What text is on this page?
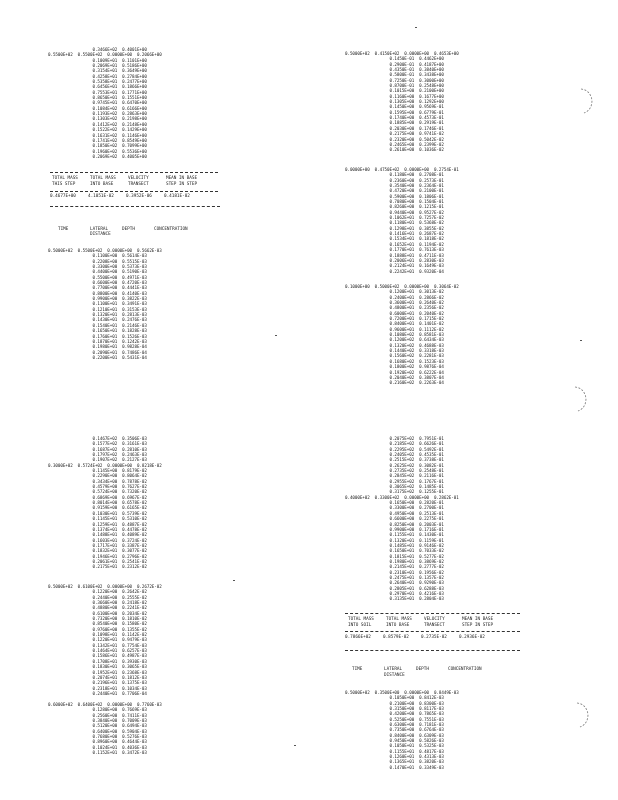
0.3466E+02  0.4001E+00
0.5500E+02  0.5500E+02  0.0000E+00  0.2066E+00
0.1009E+01  0.1101E+00
0.2069E+01  0.5186E+00
0.3154E+01  0.3649E+00
0.4258E+01  0.2784E+00
0.5358E+01  0.2477E+00
0.6456E+01  0.1866E+00
0.7553E+01  0.1771E+00
0.8650E+01  0.1551E+00
0.9745E+01  0.6470E+00
0.1084E+02  0.6166E+00
0.1193E+02  0.2863E+00
0.1303E+02  0.2198E+00
0.1412E+02  0.2148E+00
0.1522E+02  0.1429E+00
0.1631E+02  0.1146E+00
0.1741E+02  0.8549E+00
0.1850E+02  0.7099E+00
0.1960E+02  0.5536E+00
0.2069E+02  0.4005E+00
TOTAL MASS	TOTAL MASS	VELOCITY	MEAN IN BASE
THIS STEP	INTO BASE	TRANSECT	STEP IN STEP
0.4677E+00	4.1051E-02	0.3952E-06	0.4181E-02
TIME	LATERAL	DEPTH	CONCENTRATION
DISTANCE
0.5000E+02  0.5500E+02  0.0000E+00  0.5662E-03
0.1100E+00  0.5614E-03
0.2208E+00  0.5515E-03
0.3300E+00  0.5373E-03
0.4400E+00  0.5190E-03
0.5500E+00  0.4971E-03
0.6600E+00  0.4720E-03
0.7700E+00  0.4441E-03
0.8800E+00  0.4140E-03
0.9900E+00  0.3822E-03
0.1100E+01  0.3491E-03
0.1210E+01  0.3153E-03
0.1320E+01  0.2813E-03
0.1430E+01  0.2476E-03
0.1540E+01  0.2146E-03
0.1650E+01  0.1828E-03
0.1760E+01  0.1526E-03
0.1870E+01  0.1242E-03
0.1980E+01  0.9828E-04
0.2090E+01  0.7486E-04
0.2200E+01  0.5431E-04
0.5000E+02  0.4150E+02  0.0000E+00  0.4653E+00
0.1450E-01  0.4462E+00
0.2900E-01  0.4187E+00
0.4350E-01  0.3840E+00
0.5800E-01  0.3438E+00
0.7250E-01  0.3000E+00
0.8700E-01  0.2548E+00
0.1015E+00  0.2100E+00
0.1160E+00  0.1677E+00
0.1305E+00  0.1292E+00
0.1450E+00  0.9569E-01
0.1595E+00  0.6779E-01
0.1740E+00  0.4573E-01
0.1885E+00  0.2919E-01
0.2030E+00  0.1746E-01
0.2175E+00  0.9741E-02
0.2320E+00  0.5042E-02
0.2465E+00  0.2399E-02
0.2610E+00  0.1036E-02
0.0000E+00  0.4750E+02  0.0000E+00  0.2754E-01
0.1180E+00  0.2708E-01
0.2360E+00  0.2573E-01
0.3540E+00  0.2364E-01
0.4720E+00  0.2100E-01
0.5900E+00  0.1806E-01
0.7080E+00  0.1504E-01
0.8260E+00  0.1215E-01
0.9440E+00  0.9527E-02
0.1062E+01  0.7257E-02
0.1180E+01  0.5368E-02
0.1298E+01  0.3855E-02
0.1416E+01  0.2687E-02
0.1534E+01  0.1818E-02
0.1652E+01  0.1194E-02
0.1770E+01  0.7613E-03
0.1888E+01  0.4711E-03
0.2006E+01  0.2830E-03
0.2124E+01  0.1649E-03
0.2242E+01  0.9320E-04
0.1000E+00  0.5000E+02  0.0000E+00  0.3064E-02
0.1200E+01  0.3013E-02
0.2400E+01  0.2866E-02
0.3600E+01  0.2640E-02
0.4800E+01  0.2356E-02
0.6000E+01  0.2040E-02
0.7200E+01  0.1715E-02
0.8400E+01  0.1401E-02
0.9600E+01  0.1112E-02
0.1080E+02  0.8581E-03
0.1200E+02  0.6434E-03
0.1320E+02  0.4688E-03
0.1440E+02  0.3318E-03
0.1560E+02  0.2281E-03
0.1680E+02  0.1523E-03
0.1800E+02  0.9876E-04
0.1920E+02  0.6222E-04
0.2040E+02  0.3807E-04
0.2160E+02  0.2263E-04
0.1467E+02  0.3506E-03
0.1577E+02  0.3161E-03
0.1687E+02  0.2810E-03
0.1797E+02  0.2463E-03
0.1907E+02  0.2127E-03
0.3000E+02  0.5724E+02  0.0000E+00  0.8218E-02
0.1145E+00  0.8179E-02
0.2290E+00  0.8064E-02
0.3434E+00  0.7878E-02
0.4579E+00  0.7627E-02
0.5724E+00  0.7320E-02
0.6869E+00  0.6967E-02
0.8014E+00  0.6578E-02
0.9159E+00  0.6165E-02
0.1030E+01  0.5739E-02
0.1145E+01  0.5310E-02
0.1259E+01  0.4887E-02
0.1374E+01  0.4478E-02
0.1488E+01  0.4089E-02
0.1603E+01  0.3724E-02
0.1717E+01  0.3387E-02
0.1832E+01  0.3077E-02
0.1946E+01  0.2796E-02
0.2061E+01  0.2541E-02
0.2175E+01  0.2312E-02
0.5000E+02  0.6100E+02  0.0000E+00  0.2672E-02
0.1220E+00  0.2642E-02
0.2440E+00  0.2555E-02
0.3660E+00  0.2418E-02
0.4880E+00  0.2241E-02
0.6100E+00  0.2034E-02
0.7320E+00  0.1810E-02
0.8540E+00  0.1580E-02
0.9760E+00  0.1355E-02
0.1098E+01  0.1142E-02
0.1220E+01  0.9479E-03
0.1342E+01  0.7754E-03
0.1464E+01  0.6257E-03
0.1586E+01  0.4987E-03
0.1708E+01  0.3930E-03
0.1830E+01  0.3065E-03
0.1952E+01  0.2368E-03
0.2074E+01  0.1812E-03
0.2196E+01  0.1375E-03
0.2318E+01  0.1034E-03
0.2440E+01  0.7706E-04
0.6000E+02  0.6400E+02  0.0000E+00  0.7760E-03
0.1280E+00  0.7669E-03
0.2560E+00  0.7411E-03
0.3840E+00  0.7009E-03
0.5120E+00  0.6494E-03
0.6400E+00  0.5904E-03
0.7680E+00  0.5276E-03
0.8960E+00  0.4644E-03
0.1024E+01  0.4036E-03
0.1152E+01  0.3472E-03
0.2075E+02  0.7951E-01
0.2185E+02  0.6626E-01
0.2295E+02  0.5492E-01
0.2405E+02  0.4535E-01
0.2515E+02  0.3738E-01
0.2625E+02  0.3082E-01
0.2735E+02  0.2548E-01
0.2845E+02  0.2116E-01
0.2955E+02  0.1767E-01
0.3065E+02  0.1485E-01
0.3175E+02  0.1255E-01
0.4000E+02  0.3300E+02  0.0000E+00  0.2862E-01
0.1650E+00  0.2820E-01
0.3300E+00  0.2700E-01
0.4950E+00  0.2513E-01
0.6600E+00  0.2275E-01
0.8250E+00  0.2003E-01
0.9900E+00  0.1716E-01
0.1155E+01  0.1430E-01
0.1320E+01  0.1159E-01
0.1485E+01  0.9146E-02
0.1650E+01  0.7033E-02
0.1815E+01  0.5277E-02
0.1980E+01  0.3869E-02
0.2145E+01  0.2777E-02
0.2310E+01  0.1956E-02
0.2475E+01  0.1357E-02
0.2640E+01  0.9290E-03
0.2805E+01  0.6288E-03
0.2970E+01  0.4216E-03
0.3135E+01  0.2804E-03
TOTAL MASS	TOTAL MASS	VELOCITY	MEAN IN BASE
INTO SOIL	INTO BASE	TRANSECT	STEP IN STEP
0.7866E+02	0.8579E-02	0.2735E-02	0.2936E-02
TIME	LATERAL	DEPTH	CONCENTRATION
DISTANCE
0.5000E+02  0.3500E+00  0.0000E+00  0.8449E-03
0.1050E+00  0.8412E-03
0.2100E+00  0.8300E-03
0.3150E+00  0.8117E-03
0.4200E+00  0.7865E-03
0.5250E+00  0.7551E-03
0.6300E+00  0.7181E-03
0.7350E+00  0.6764E-03
0.8400E+00  0.6309E-03
0.9450E+00  0.5826E-03
0.1050E+01  0.5325E-03
0.1155E+01  0.4817E-03
0.1260E+01  0.4313E-03
0.1365E+01  0.3820E-03
0.1470E+01  0.3349E-03
